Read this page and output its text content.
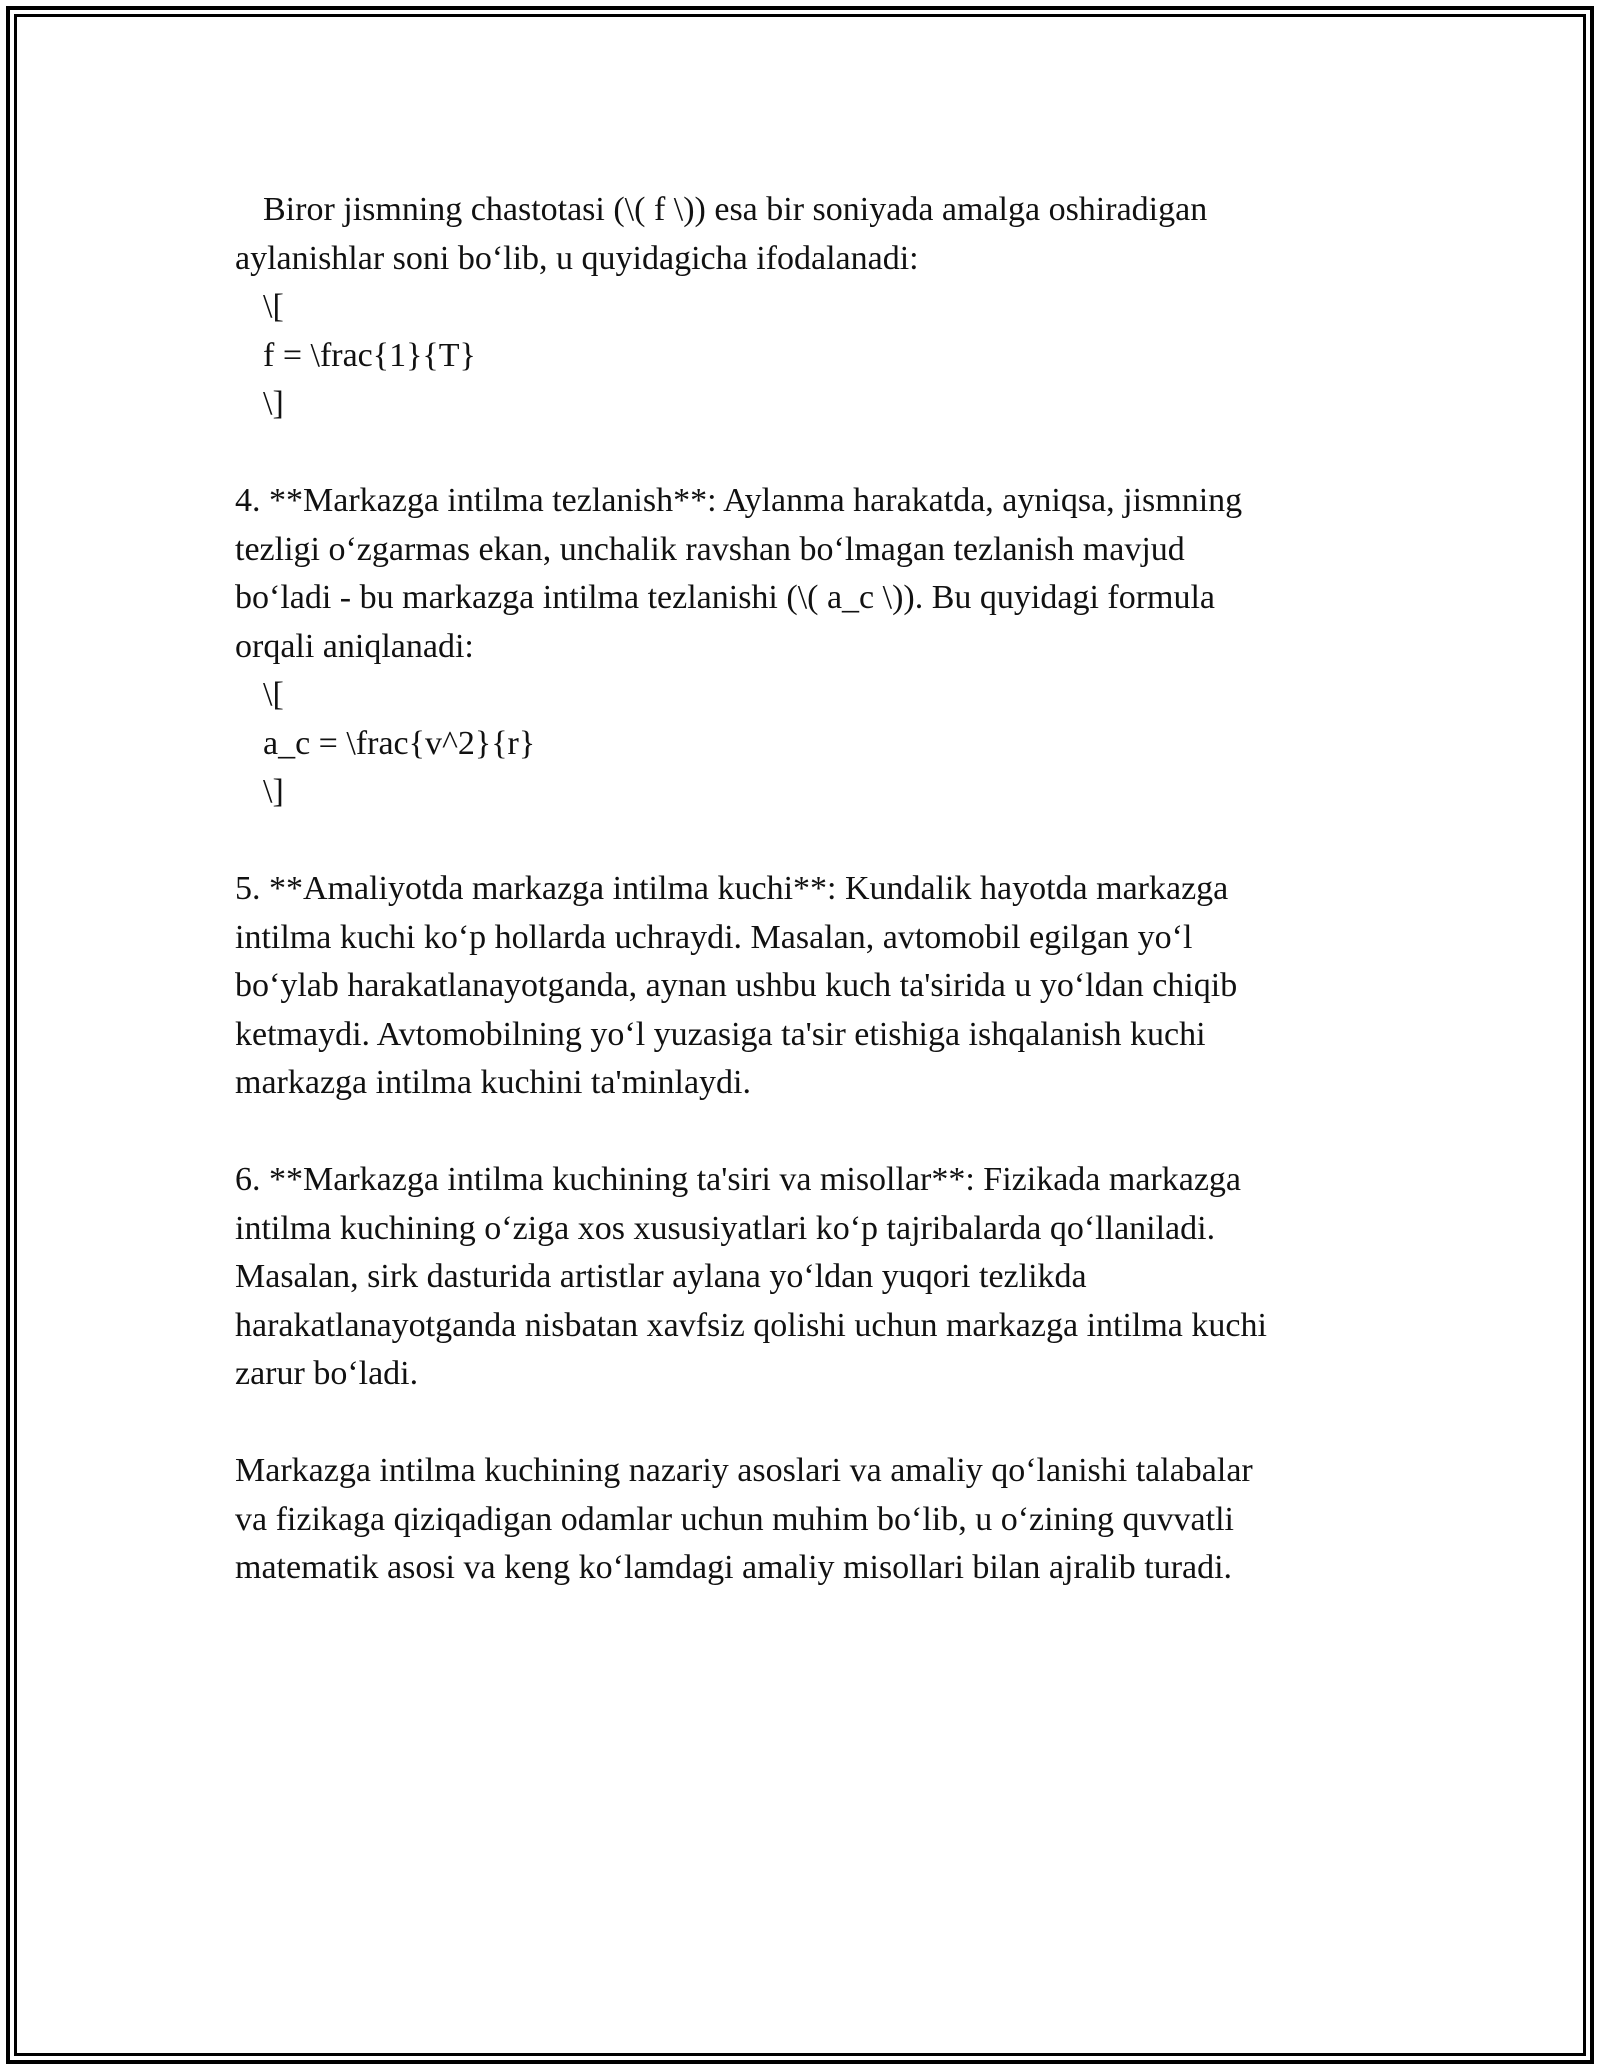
Biror jismning chastotasi (\( f \)) esa bir soniyada amalga oshiradigan
aylanishlar soni bo‘lib, u quyidagicha ifodalanadi:
\[
f = \frac{1}{T}
\]
4. **Markazga intilma tezlanish**: Aylanma harakatda, ayniqsa, jismning
tezligi o‘zgarmas ekan, unchalik ravshan bo‘lmagan tezlanish mavjud
bo‘ladi - bu markazga intilma tezlanishi (\( a_c \)). Bu quyidagi formula
orqali aniqlanadi:
\[
a_c = \frac{v^2}{r}
\]
5. **Amaliyotda markazga intilma kuchi**: Kundalik hayotda markazga
intilma kuchi ko‘p hollarda uchraydi. Masalan, avtomobil egilgan yo‘l
bo‘ylab harakatlanayotganda, aynan ushbu kuch ta'sirida u yo‘ldan chiqib
ketmaydi. Avtomobilning yo‘l yuzasiga ta'sir etishiga ishqalanish kuchi
markazga intilma kuchini ta'minlaydi.
6. **Markazga intilma kuchining ta'siri va misollar**: Fizikada markazga
intilma kuchining o‘ziga xos xususiyatlari ko‘p tajribalarda qo‘llaniladi.
Masalan, sirk dasturida artistlar aylana yo‘ldan yuqori tezlikda
harakatlanayotganda nisbatan xavfsiz qolishi uchun markazga intilma kuchi
zarur bo‘ladi.
Markazga intilma kuchining nazariy asoslari va amaliy qo‘lanishi talabalar
va fizikaga qiziqadigan odamlar uchun muhim bo‘lib, u o‘zining quvvatli
matematik asosi va keng ko‘lamdagi amaliy misollari bilan ajralib turadi.
